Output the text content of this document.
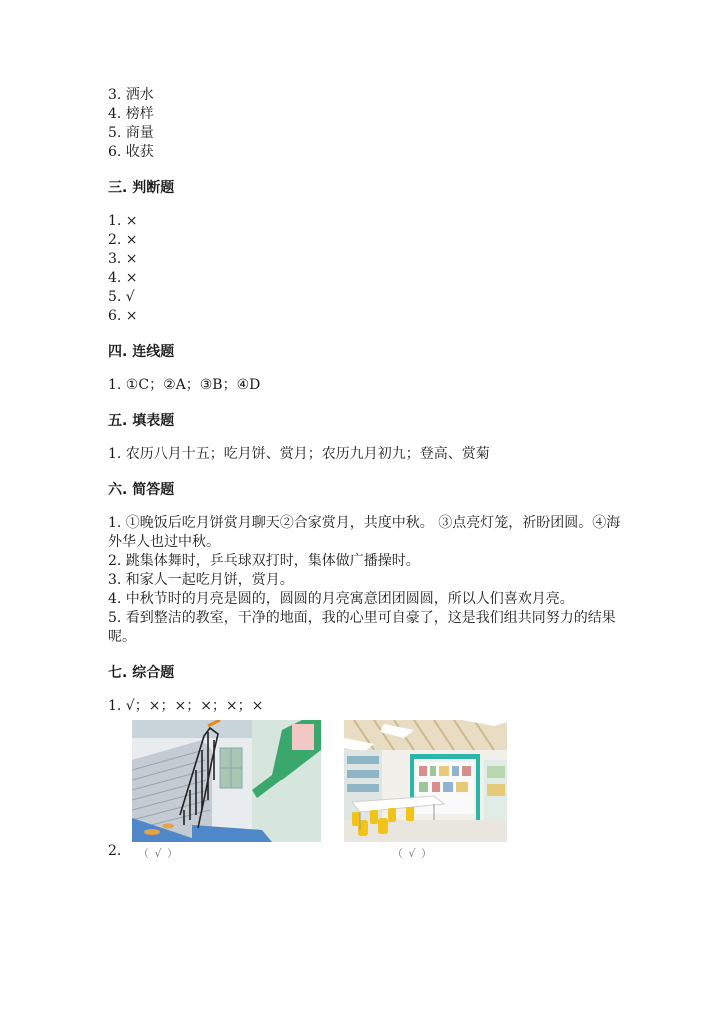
3. 洒水
4. 榜样
5. 商量
6. 收获
三. 判断题
1. ×
2. ×
3. ×
4. ×
5. √
6. ×
四. 连线题
1. ①C；②A；③B；④D
五. 填表题
1. 农历八月十五；吃月饼、赏月；农历九月初九；登高、赏菊
六. 简答题
1. ①晚饭后吃月饼赏月聊天②合家赏月，共度中秋。 ③点亮灯笼，祈盼团圆。④海外华人也过中秋。
2. 跳集体舞时，乒乓球双打时，集体做广播操时。
3. 和家人一起吃月饼，赏月。
4. 中秋节时的月亮是圆的，圆圆的月亮寓意团团圆圆，所以人们喜欢月亮。
5. 看到整洁的教室，干净的地面，我的心里可自豪了，这是我们组共同努力的结果呢。
七. 综合题
1. √；×；×；×；×；×
2. （ √ ）	（ √ ）
